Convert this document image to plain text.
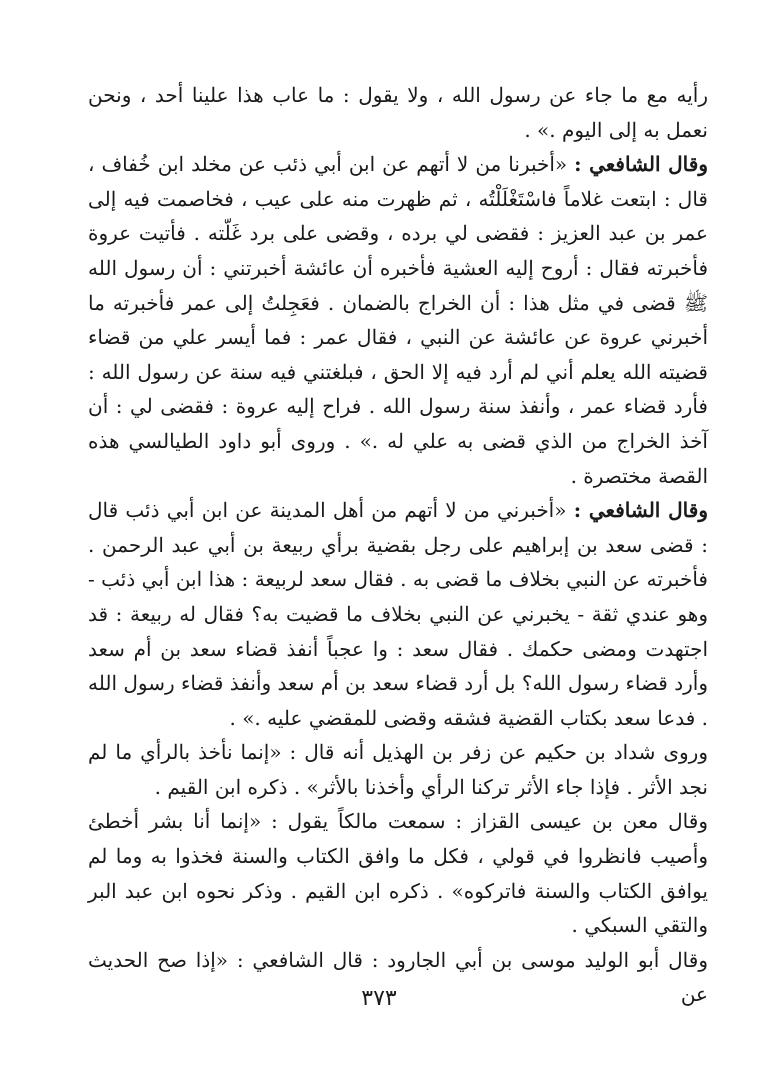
رأيه مع ما جاء عن رسول الله ، ولا يقول : ما عاب هذا علينا أحد ، ونحن نعمل به إلى اليوم .» .

وقال الشافعي : «أخبرنا من لا أتهم عن ابن أبي ذئب عن مخلد ابن خُفاف ، قال : ابتعت غلاماً فاسْتَغْلَلْتُه ، ثم ظهرت منه على عيب ، فخاصمت فيه إلى عمر بن عبد العزيز : فقضى لي برده ، وقضى على برد غَلّته . فأتيت عروة فأخبرته فقال : أروح إليه العشية فأخبره أن عائشة أخبرتني : أن رسول الله ﷺ قضى في مثل هذا : أن الخراج بالضمان . فعَجِلتُ إلى عمر فأخبرته ما أخبرني عروة عن عائشة عن النبي ، فقال عمر : فما أيسر علي من قضاء قضيته الله يعلم أني لم أرد فيه إلا الحق ، فبلغتني فيه سنة عن رسول الله : فأرد قضاء عمر ، وأنفذ سنة رسول الله . فراح إليه عروة : فقضى لي : أن آخذ الخراج من الذي قضى به علي له .» . وروى أبو داود الطيالسي هذه القصة مختصرة .

وقال الشافعي : «أخبرني من لا أتهم من أهل المدينة عن ابن أبي ذئب قال : قضى سعد بن إبراهيم على رجل بقضية برأي ربيعة بن أبي عبد الرحمن . فأخبرته عن النبي بخلاف ما قضى به . فقال سعد لربيعة : هذا ابن أبي ذئب - وهو عندي ثقة - يخبرني عن النبي بخلاف ما قضيت به؟ فقال له ربيعة : قد اجتهدت ومضى حكمك . فقال سعد : وا عجباً أنفذ قضاء سعد بن أم سعد وأرد قضاء رسول الله؟ بل أرد قضاء سعد بن أم سعد وأنفذ قضاء رسول الله . فدعا سعد بكتاب القضية فشقه وقضى للمقضي عليه .» .

وروى شداد بن حكيم عن زفر بن الهذيل أنه قال : «إنما نأخذ بالرأي ما لم نجد الأثر . فإذا جاء الأثر تركنا الرأي وأخذنا بالأثر» . ذكره ابن القيم .

وقال معن بن عيسى القزاز : سمعت مالكاً يقول : «إنما أنا بشر أخطئ وأصيب فانظروا في قولي ، فكل ما وافق الكتاب والسنة فخذوا به وما لم يوافق الكتاب والسنة فاتركوه» . ذكره ابن القيم . وذكر نحوه ابن عبد البر والتقي السبكي .

وقال أبو الوليد موسى بن أبي الجارود : قال الشافعي : «إذا صح الحديث عن

٣٧٣
